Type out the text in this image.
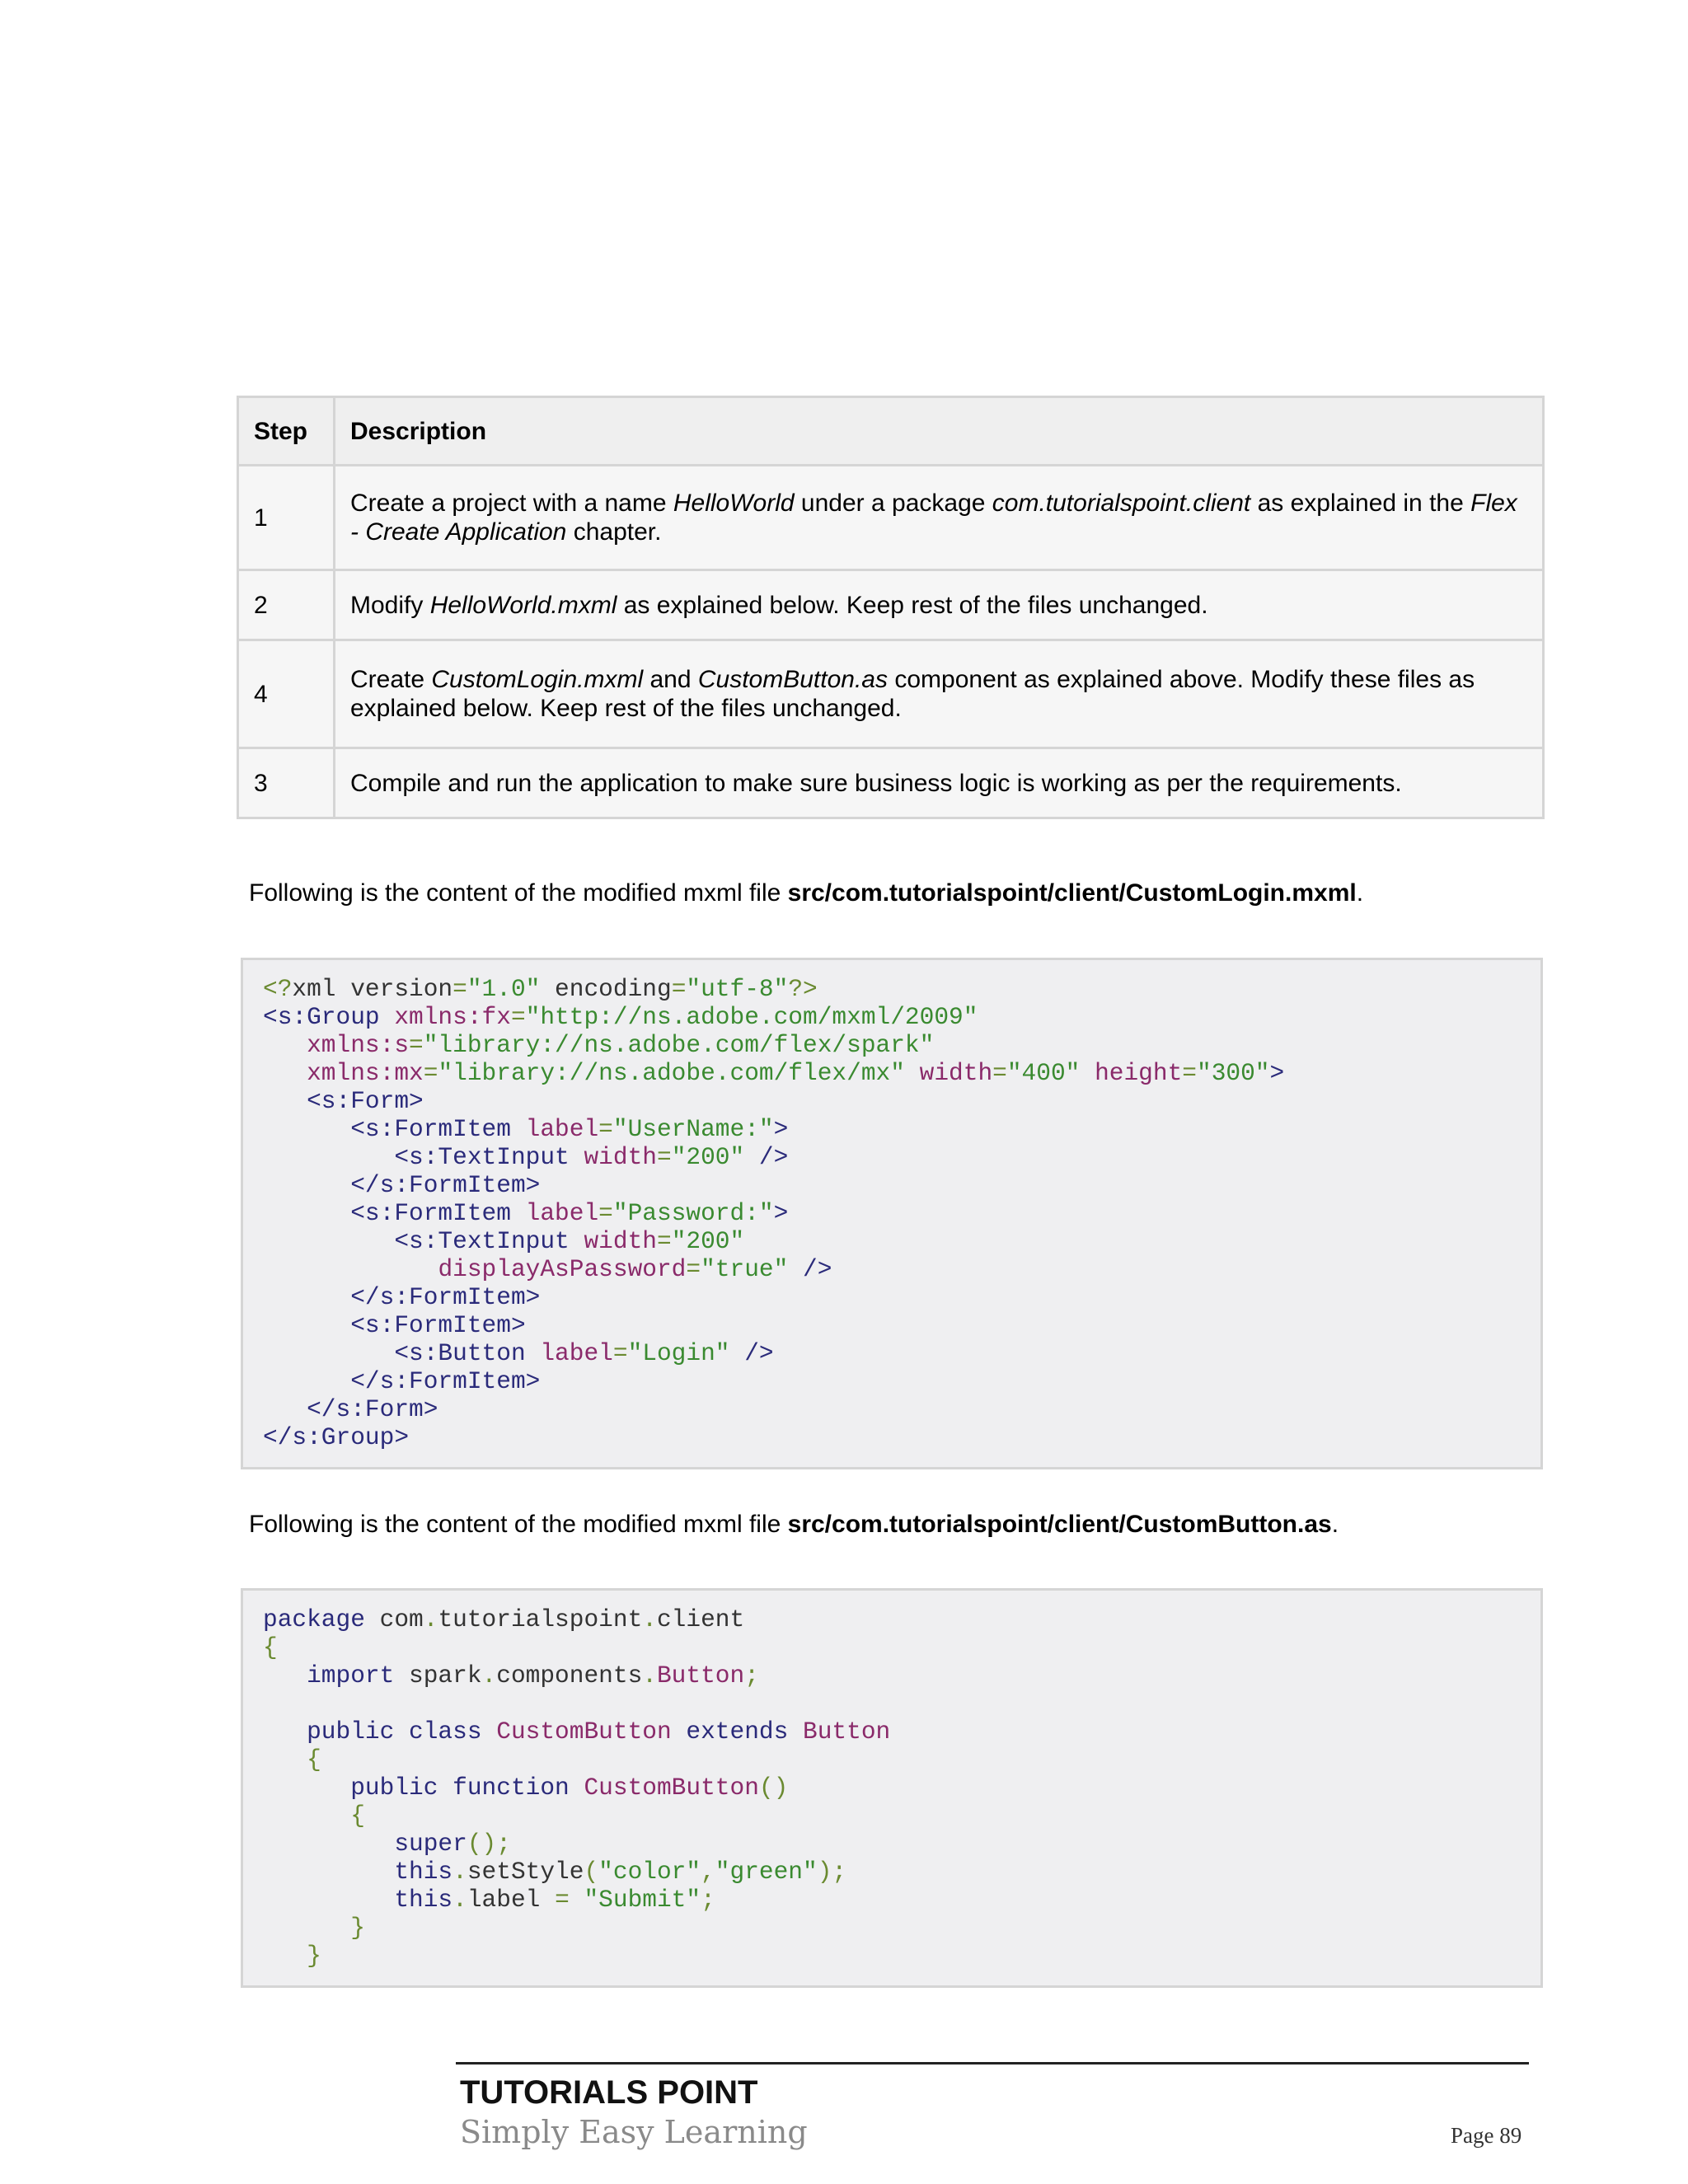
Step	Description
1	Create a project with a name HelloWorld under a package com.tutorialspoint.client as explained in the Flex - Create Application chapter.
2	Modify HelloWorld.mxml as explained below. Keep rest of the files unchanged.
4	Create CustomLogin.mxml and CustomButton.as component as explained above. Modify these files as explained below. Keep rest of the files unchanged.
3	Compile and run the application to make sure business logic is working as per the requirements.
Following is the content of the modified mxml file src/com.tutorialspoint/client/CustomLogin.mxml.
<?xml version="1.0" encoding="utf-8"?>
<s:Group xmlns:fx="http://ns.adobe.com/mxml/2009"
xmlns:s="library://ns.adobe.com/flex/spark"
xmlns:mx="library://ns.adobe.com/flex/mx" width="400" height="300">
<s:Form>
<s:FormItem label="UserName:">
<s:TextInput width="200" />
</s:FormItem>
<s:FormItem label="Password:">
<s:TextInput width="200"
displayAsPassword="true" />
</s:FormItem>
<s:FormItem>
<s:Button label="Login" />
</s:FormItem>
</s:Form>
</s:Group>
Following is the content of the modified mxml file src/com.tutorialspoint/client/CustomButton.as.
package com.tutorialspoint.client
{
import spark.components.Button;

public class CustomButton extends Button
{
public function CustomButton()
{
super();
this.setStyle("color","green");
this.label = "Submit";
}
}
TUTORIALS POINT
Simply Easy Learning	Page 89
